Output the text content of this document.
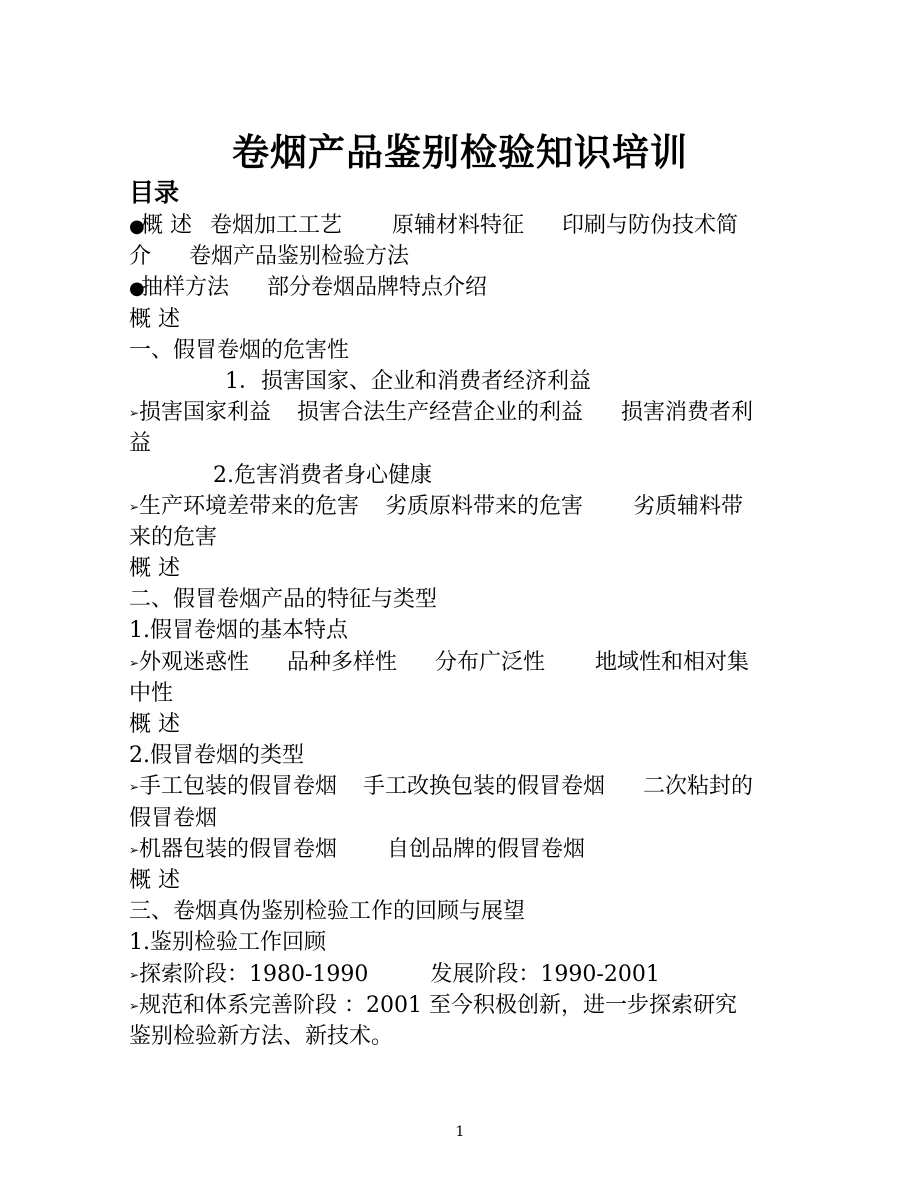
卷烟产品鉴别检验知识培训
目录
●概 述 卷烟加工工艺 原辅材料特征 印刷与防伪技术简
介 卷烟产品鉴别检验方法
●抽样方法 部分卷烟品牌特点介绍
概 述
一、假冒卷烟的危害性
1．损害国家、企业和消费者经济利益
➢损害国家利益 损害合法生产经营企业的利益 损害消费者利
益
2.危害消费者身心健康
➢生产环境差带来的危害 劣质原料带来的危害 劣质辅料带
来的危害
概 述
二、假冒卷烟产品的特征与类型
1.假冒卷烟的基本特点
➢外观迷惑性 品种多样性 分布广泛性 地域性和相对集
中性
概 述
2.假冒卷烟的类型
➢手工包装的假冒卷烟 手工改换包装的假冒卷烟 二次粘封的
假冒卷烟
➢机器包装的假冒卷烟 自创品牌的假冒卷烟
概 述
三、卷烟真伪鉴别检验工作的回顾与展望
1.鉴别检验工作回顾
➢探索阶段：1980-1990	发展阶段：1990-2001
➢规范和体系完善阶段 ：2001 至今积极创新，进一步探索研究
鉴别检验新方法、新技术。
1
